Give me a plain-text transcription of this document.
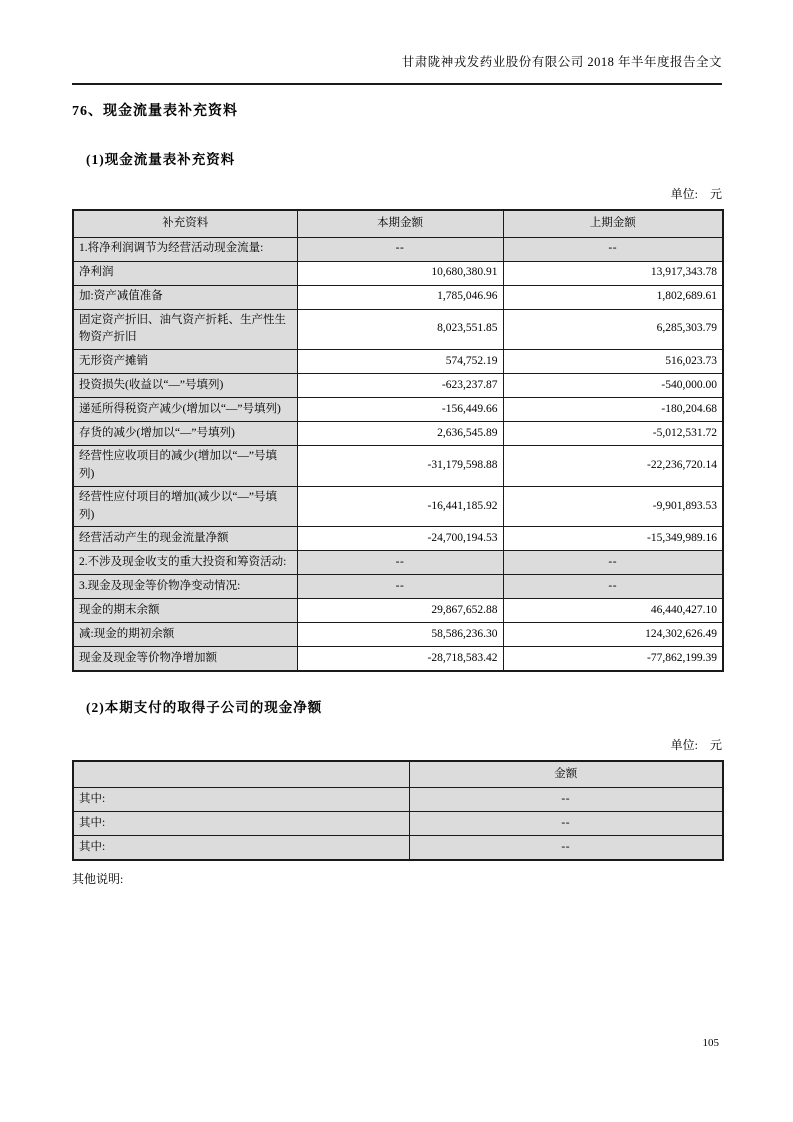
甘肃陇神戎发药业股份有限公司 2018 年半年度报告全文
76、现金流量表补充资料
(1)现金流量表补充资料
单位: 元
补充资料	本期金额	上期金额
1.将净利润调节为经营活动现金流量:	--	--
净利润	10,680,380.91	13,917,343.78
加:资产减值准备	1,785,046.96	1,802,689.61
固定资产折旧、油气资产折耗、生产性生物资产折旧	8,023,551.85	6,285,303.79
无形资产摊销	574,752.19	516,023.73
投资损失(收益以“—”号填列)	-623,237.87	-540,000.00
递延所得税资产减少(增加以“—”号填列)	-156,449.66	-180,204.68
存货的减少(增加以“—”号填列)	2,636,545.89	-5,012,531.72
经营性应收项目的减少(增加以“—”号填列)	-31,179,598.88	-22,236,720.14
经营性应付项目的增加(减少以“—”号填列)	-16,441,185.92	-9,901,893.53
经营活动产生的现金流量净额	-24,700,194.53	-15,349,989.16
2.不涉及现金收支的重大投资和筹资活动:	--	--
3.现金及现金等价物净变动情况:	--	--
现金的期末余额	29,867,652.88	46,440,427.10
减:现金的期初余额	58,586,236.30	124,302,626.49
现金及现金等价物净增加额	-28,718,583.42	-77,862,199.39
(2)本期支付的取得子公司的现金净额
单位: 元
	金额
其中:	--
其中:	--
其中:	--
其他说明:
105
